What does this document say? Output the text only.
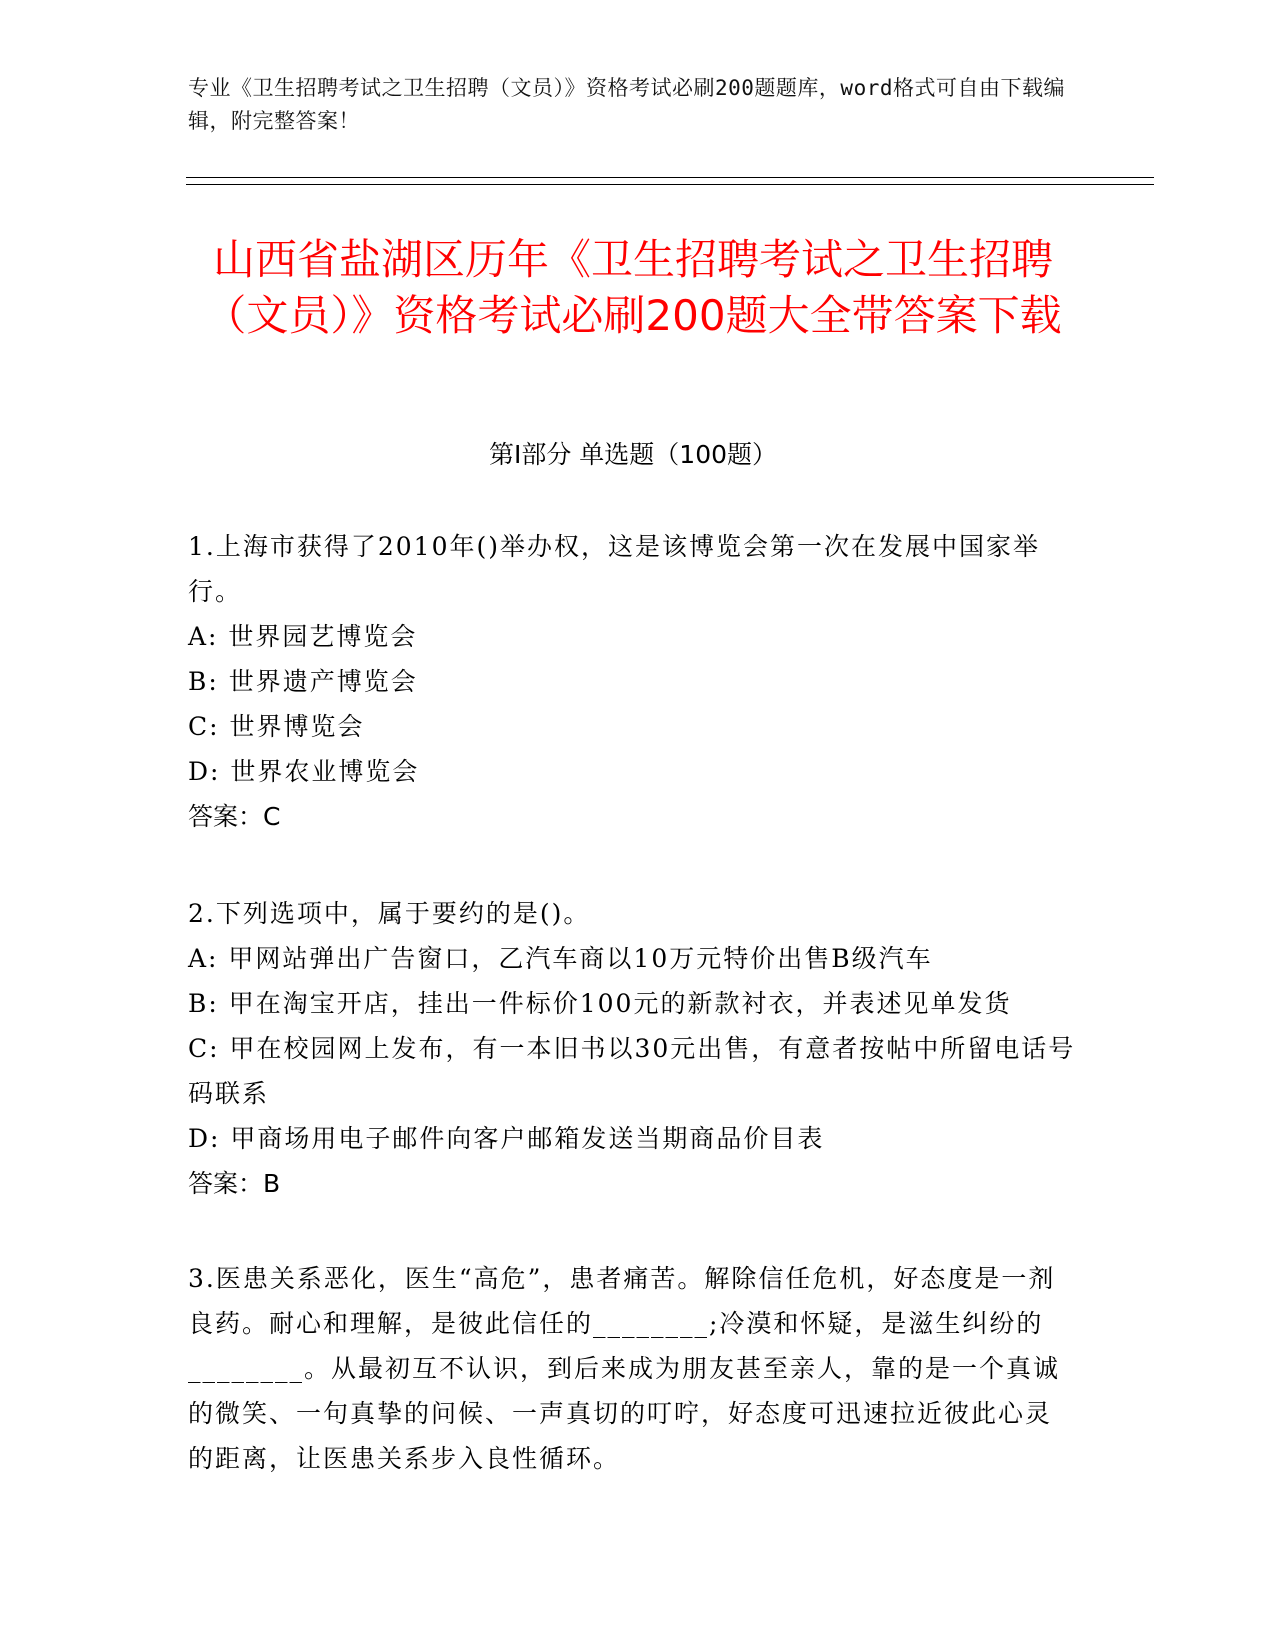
专业《卫生招聘考试之卫生招聘（文员）》资格考试必刷200题题库，word格式可自由下载编辑，附完整答案！
山西省盐湖区历年《卫生招聘考试之卫生招聘（文员）》资格考试必刷200题大全带答案下载
第I部分 单选题（100题）

1.上海市获得了2010年()举办权，这是该博览会第一次在发展中国家举行。

A: 世界园艺博览会

B: 世界遗产博览会

C: 世界博览会

D: 世界农业博览会

答案：C

2.下列选项中，属于要约的是()。

A: 甲网站弹出广告窗口，乙汽车商以10万元特价出售B级汽车

B: 甲在淘宝开店，挂出一件标价100元的新款衬衣，并表述见单发货

C: 甲在校园网上发布，有一本旧书以30元出售，有意者按帖中所留电话号码联系

D: 甲商场用电子邮件向客户邮箱发送当期商品价目表

答案：B

3.医患关系恶化，医生“高危”，患者痛苦。解除信任危机，好态度是一剂良药。耐心和理解，是彼此信任的________;冷漠和怀疑，是滋生纠纷的________。从最初互不认识，到后来成为朋友甚至亲人，靠的是一个真诚的微笑、一句真挚的问候、一声真切的叮咛，好态度可迅速拉近彼此心灵的距离，让医患关系步入良性循环。
